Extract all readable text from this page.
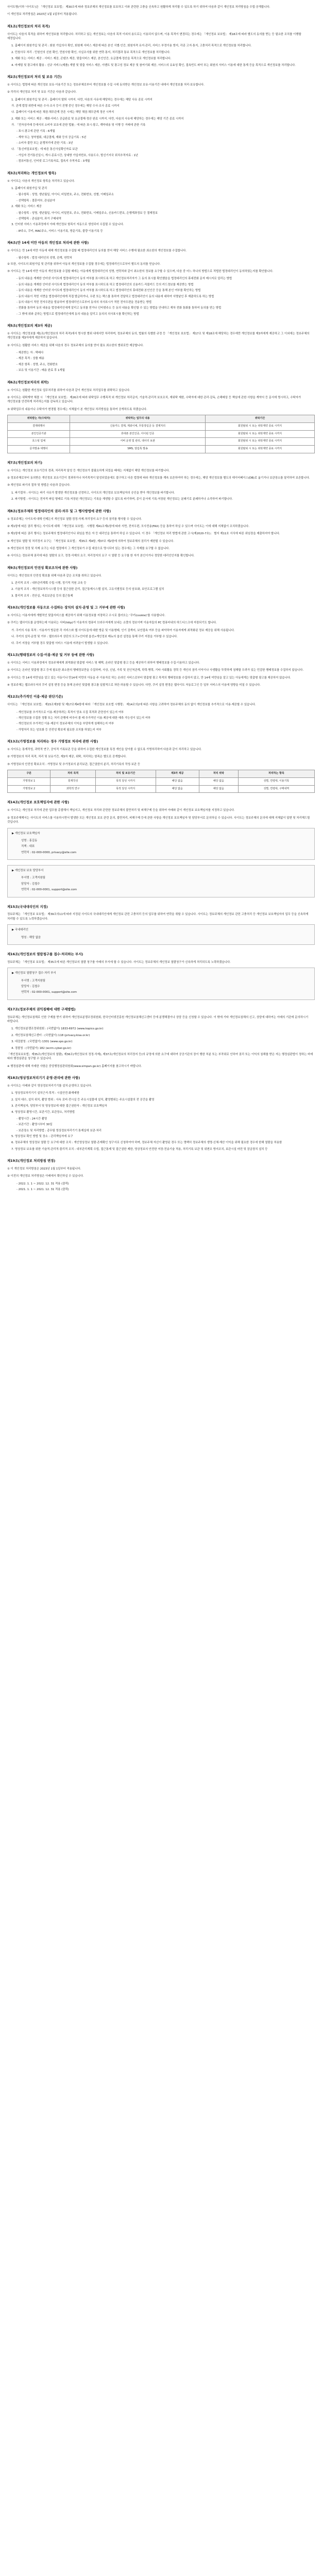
사이트명(이하 '사이트')은 「개인정보 보호법」 제30조에 따라 정보주체의 개인정보를 보호하고 이와 관련한 고충을 신속하고 원활하게 처리할 수 있도록 하기 위하여 다음과 같이 개인정보 처리방침을 수립·공개합니다.

이 개인정보 처리방침은 2023년 1월 1일부터 적용됩니다.

제1조(개인정보의 처리 목적)

사이트는 다음의 목적을 위하여 개인정보를 처리합니다. 처리하고 있는 개인정보는 다음의 목적 이외의 용도로는 이용되지 않으며, 이용 목적이 변경되는 경우에는 「개인정보 보호법」 제18조에 따라 별도의 동의를 받는 등 필요한 조치를 이행할 예정입니다.

1. 홈페이지 회원가입 및 관리 : 회원 가입의사 확인, 회원제 서비스 제공에 따른 본인 식별·인증, 회원자격 유지·관리, 서비스 부정이용 방지, 각종 고지·통지, 고충처리 목적으로 개인정보를 처리합니다.

2. 민원사무 처리 : 민원인의 신원 확인, 민원사항 확인, 사실조사를 위한 연락·통지, 처리결과 통보 목적으로 개인정보를 처리합니다.

3. 재화 또는 서비스 제공 : 서비스 제공, 콘텐츠 제공, 맞춤서비스 제공, 본인인증, 요금결제·정산을 목적으로 개인정보를 처리합니다.

4. 마케팅 및 광고에의 활용 : 신규 서비스(제품) 개발 및 맞춤 서비스 제공, 이벤트 및 광고성 정보 제공 및 참여기회 제공, 서비스의 유효성 확인, 접속빈도 파악 또는 회원의 서비스 이용에 대한 통계 등을 목적으로 개인정보를 처리합니다.

제2조(개인정보의 처리 및 보유 기간)

① 사이트는 법령에 따른 개인정보 보유·이용기간 또는 정보주체로부터 개인정보를 수집 시에 동의받은 개인정보 보유·이용기간 내에서 개인정보를 처리·보유합니다.

② 각각의 개인정보 처리 및 보유 기간은 다음과 같습니다.

1. 홈페이지 회원가입 및 관리 : 홈페이지 탈퇴 시까지. 다만, 다음의 사유에 해당하는 경우에는 해당 사유 종료 시까지

가. 관계 법령 위반에 따른 수사·조사 등이 진행 중인 경우에는 해당 수사·조사 종료 시까지

나. 홈페이지 이용에 따른 채권·채무관계 잔존 시에는 해당 채권·채무관계 정산 시까지

2. 재화 또는 서비스 제공 : 재화·서비스 공급완료 및 요금결제·정산 완료 시까지. 다만, 다음의 사유에 해당하는 경우에는 해당 기간 종료 시까지

가. 「전자상거래 등에서의 소비자 보호에 관한 법률」에 따른 표시·광고, 계약내용 및 이행 등 거래에 관한 기록

- 표시·광고에 관한 기록 : 6개월

- 계약 또는 청약철회, 대금결제, 재화 등의 공급기록 : 5년

- 소비자 불만 또는 분쟁처리에 관한 기록 : 3년

나. 「통신비밀보호법」에 따른 통신사실확인자료 보관

- 가입자 전기통신일시, 개시·종료시간, 상대방 가입자번호, 사용도수, 발신기지국 위치추적자료 : 1년

- 컴퓨터통신, 인터넷 로그기록자료, 접속지 추적자료 : 3개월

제3조(처리하는 개인정보의 항목)

① 사이트는 다음의 개인정보 항목을 처리하고 있습니다.

1. 홈페이지 회원가입 및 관리

- 필수항목 : 성명, 생년월일, 아이디, 비밀번호, 주소, 전화번호, 성별, 이메일주소

- 선택항목 : 결혼여부, 관심분야

2. 재화 또는 서비스 제공

- 필수항목 : 성명, 생년월일, 아이디, 비밀번호, 주소, 전화번호, 이메일주소, 신용카드번호, 은행계좌정보 등 결제정보

- 선택항목 : 관심분야, 과거 구매내역

3. 인터넷 서비스 이용과정에서 아래 개인정보 항목이 자동으로 생성되어 수집될 수 있습니다.

- IP주소, 쿠키, MAC주소, 서비스 이용기록, 방문기록, 불량 이용기록 등

제4조(만 14세 미만 아동의 개인정보 처리에 관한 사항)

① 사이트는 만 14세 미만 아동에 대해 개인정보를 수집할 때 법정대리인의 동의를 얻어 해당 서비스 수행에 필요한 최소한의 개인정보를 수집합니다.

- 필수항목 : 법정 대리인의 성명, 관계, 연락처

② 또한, 사이트의 회원가입 및 관리를 위하여 아동의 개인정보를 수집할 경우에는 법정대리인으로부터 별도의 동의를 얻습니다.

③ 사이트는 만 14세 미만 아동의 개인정보를 수집할 때에는 아동에게 법정대리인의 성명, 연락처와 같이 최소한의 정보를 요구할 수 있으며, 다음 중 어느 하나의 방법으로 적법한 법정대리인이 동의하였는지를 확인합니다.

- 동의 내용을 게재한 인터넷 사이트에 법정대리인이 동의 여부를 표시하도록 하고 개인정보처리자가 그 동의 표시를 확인했음을 법정대리인의 휴대전화 문자 메시지로 알리는 방법

- 동의 내용을 게재한 인터넷 사이트에 법정대리인이 동의 여부를 표시하도록 하고 법정대리인의 신용카드·직불카드 등의 카드정보를 제공받는 방법

- 동의 내용을 게재한 인터넷 사이트에 법정대리인이 동의 여부를 표시하도록 하고 법정대리인의 휴대전화 본인인증 등을 통해 본인 여부를 확인하는 방법

- 동의 내용이 적힌 서면을 법정대리인에게 직접 발급하거나, 우편 또는 팩스를 통하여 전달하고 법정대리인이 동의 내용에 대하여 서명날인 후 제출하도록 하는 방법

- 동의 내용이 적힌 전자우편을 발송하여 법정대리인으로부터 동의의 의사표시가 적힌 전자우편을 전송받는 방법

- 전화를 통하여 동의 내용을 법정대리인에게 알리고 동의를 얻거나 인터넷주소 등 동의 내용을 확인할 수 있는 방법을 안내하고 재차 전화 통화를 통하여 동의를 얻는 방법

- 그 밖에 위와 준하는 방법으로 법정대리인에게 동의 내용을 알리고 동의의 의사표시를 확인하는 방법

제5조(개인정보의 제3자 제공)

① 사이트는 개인정보를 제1조(개인정보의 처리 목적)에서 명시한 범위 내에서만 처리하며, 정보주체의 동의, 법률의 특별한 규정 등 「개인정보 보호법」 제17조 및 제18조에 해당하는 경우에만 개인정보를 제3자에게 제공하고 그 이외에는 정보주체의 개인정보를 제3자에게 제공하지 않습니다.

② 사이트는 원활한 서비스 제공을 위해 다음의 경우 정보주체의 동의를 얻어 필요 최소한의 범위로만 제공합니다.

- 제공받는 자 : 택배사

- 제공 목적 : 상품 배송

- 제공 항목 : 성명, 주소, 전화번호

- 보유 및 이용기간 : 배송 완료 후 1개월

제6조(개인정보처리의 위탁)

① 사이트는 원활한 개인정보 업무처리를 위하여 다음과 같이 개인정보 처리업무를 위탁하고 있습니다.

② 사이트는 위탁계약 체결 시 「개인정보 보호법」 제26조에 따라 위탁업무 수행목적 외 개인정보 처리금지, 기술적·관리적 보호조치, 재위탁 제한, 수탁자에 대한 관리·감독, 손해배상 등 책임에 관한 사항을 계약서 등 문서에 명시하고, 수탁자가 개인정보를 안전하게 처리하는지를 감독하고 있습니다.

③ 위탁업무의 내용이나 수탁자가 변경될 경우에는 지체없이 본 개인정보 처리방침을 통하여 공개하도록 하겠습니다.

위탁받는 자(수탁자)	위탁하는 업무의 내용	위탁기간
결제대행사	신용카드 결제, 계좌이체, 무통장입금 등 결제처리	회원탈퇴 시 또는 위탁계약 종료 시까지
본인인증기관	휴대폰 본인인증, 아이핀 인증	회원탈퇴 시 또는 위탁계약 종료 시까지
호스팅 업체	서버 운영 및 관리, 데이터 보관	회원탈퇴 시 또는 위탁계약 종료 시까지
문자발송 대행사	SMS, 알림톡 발송	회원탈퇴 시 또는 위탁계약 종료 시까지
제7조(개인정보의 파기)

① 사이트는 개인정보 보유기간의 경과, 처리목적 달성 등 개인정보가 불필요하게 되었을 때에는 지체없이 해당 개인정보를 파기합니다.

② 정보주체로부터 동의받은 개인정보 보유기간이 경과하거나 처리목적이 달성되었음에도 불구하고 다른 법령에 따라 개인정보를 계속 보존하여야 하는 경우에는, 해당 개인정보를 별도의 데이터베이스(DB)로 옮기거나 보관장소를 달리하여 보존합니다.

③ 개인정보 파기의 절차 및 방법은 다음과 같습니다.

1. 파기절차 : 사이트는 파기 사유가 발생한 개인정보를 선정하고, 사이트의 개인정보 보호책임자의 승인을 받아 개인정보를 파기합니다.

2. 파기방법 : 사이트는 전자적 파일 형태로 기록·저장된 개인정보는 기록을 재생할 수 없도록 파기하며, 종이 문서에 기록·저장된 개인정보는 분쇄기로 분쇄하거나 소각하여 파기합니다.

제8조(정보주체와 법정대리인의 권리·의무 및 그 행사방법에 관한 사항)

① 정보주체는 사이트에 대해 언제든지 개인정보 열람·정정·삭제·처리정지 요구 등의 권리를 행사할 수 있습니다.

② 제1항에 따른 권리 행사는 사이트에 대해 「개인정보 보호법」 시행령 제41조제1항에 따라 서면, 전자우편, 모사전송(FAX) 등을 통하여 하실 수 있으며 사이트는 이에 대해 지체없이 조치하겠습니다.

③ 제1항에 따른 권리 행사는 정보주체의 법정대리인이나 위임을 받은 자 등 대리인을 통하여 하실 수 있습니다. 이 경우 「개인정보 처리 방법에 관한 고시(제2020-7호)」 별지 제11호 서식에 따른 위임장을 제출하셔야 합니다.

④ 개인정보 열람 및 처리정지 요구는 「개인정보 보호법」 제35조 제4항, 제37조 제2항에 의하여 정보주체의 권리가 제한될 수 있습니다.

⑤ 개인정보의 정정 및 삭제 요구는 다른 법령에서 그 개인정보가 수집 대상으로 명시되어 있는 경우에는 그 삭제를 요구할 수 없습니다.

⑥ 사이트는 정보주체 권리에 따른 열람의 요구, 정정·삭제의 요구, 처리정지의 요구 시 열람 등 요구를 한 자가 본인이거나 정당한 대리인인지를 확인합니다.

제9조(개인정보의 안전성 확보조치에 관한 사항)

사이트는 개인정보의 안전성 확보를 위해 다음과 같은 조치를 취하고 있습니다.

1. 관리적 조치 : 내부관리계획 수립·시행, 정기적 직원 교육 등

2. 기술적 조치 : 개인정보처리시스템 등의 접근권한 관리, 접근통제시스템 설치, 고유식별정보 등의 암호화, 보안프로그램 설치

3. 물리적 조치 : 전산실, 자료보관실 등의 접근통제

제10조(개인정보를 자동으로 수집하는 장치의 설치·운영 및 그 거부에 관한 사항)

① 사이트는 이용자에게 개별적인 맞춤서비스를 제공하기 위해 이용정보를 저장하고 수시로 불러오는 '쿠키(cookie)'를 사용합니다.

② 쿠키는 웹사이트를 운영하는데 이용되는 서버(http)가 이용자의 컴퓨터 브라우저에게 보내는 소량의 정보이며 이용자들의 PC 컴퓨터내의 하드디스크에 저장되기도 합니다.

가. 쿠키의 사용 목적 : 이용자가 방문한 각 서비스와 웹 사이트들에 대한 방문 및 이용형태, 인기 검색어, 보안접속 여부 등을 파악하여 이용자에게 최적화된 정보 제공을 위해 사용됩니다.

나. 쿠키의 설치·운영 및 거부 : 웹브라우저 상단의 도구>인터넷 옵션>개인정보 메뉴의 옵션 설정을 통해 쿠키 저장을 거부할 수 있습니다.

다. 쿠키 저장을 거부할 경우 맞춤형 서비스 이용에 어려움이 발생할 수 있습니다.

제11조(행태정보의 수집·이용·제공 및 거부 등에 관한 사항)

① 사이트는 서비스 이용과정에서 정보주체에게 최적화된 맞춤형 서비스 및 혜택, 온라인 맞춤형 광고 등을 제공하기 위하여 행태정보를 수집·이용하고 있습니다.

② 사이트는 온라인 맞춤형 광고 등에 필요한 최소한의 행태정보만을 수집하며, 사상, 신념, 가족 및 친인척관계, 학력·병력, 기타 사회활동 경력 등 개인의 권리·이익이나 사생활을 뚜렷하게 침해할 우려가 있는 민감한 행태정보를 수집하지 않습니다.

③ 사이트는 만 14세 미만임을 알고 있는 아동이나 만14세 미만의 아동을 주 이용자로 하는 온라인 서비스로부터 맞춤형 광고 목적의 행태정보를 수집하지 않고, 만 14세 미만임을 알고 있는 아동에게는 맞춤형 광고를 제공하지 않습니다.

④ 정보주체는 웹브라우저의 쿠키 설정 변경 등을 통해 온라인 맞춤형 광고를 일괄적으로 차단·허용할 수 있습니다. 다만, 쿠키 설정 변경은 웹사이트 자동로그인 등 일부 서비스의 이용에 영향을 미칠 수 있습니다.

제12조(추가적인 이용·제공 판단기준)

사이트는 「개인정보 보호법」 제15조제3항 및 제17조제4항에 따라 「개인정보 보호법 시행령」 제14조의2에 따른 사항을 고려하여 정보주체의 동의 없이 개인정보를 추가적으로 이용·제공할 수 있습니다.

- 개인정보를 추가적으로 이용·제공하려는 목적이 당초 수집 목적과 관련성이 있는지 여부

- 개인정보를 수집한 정황 또는 처리 관행에 비추어 볼 때 추가적인 이용·제공에 대한 예측 가능성이 있는지 여부

- 개인정보의 추가적인 이용·제공이 정보주체의 이익을 부당하게 침해하는지 여부

- 가명처리 또는 암호화 등 안전성 확보에 필요한 조치를 하였는지 여부

제13조(가명정보를 처리하는 경우 가명정보 처리에 관한 사항)

① 사이트는 통계작성, 과학적 연구, 공익적 기록보존 등을 위하여 수집한 개인정보를 특정 개인을 알아볼 수 없도록 가명처리하여 다음과 같이 처리하고 있습니다.

② 가명정보의 처리 목적, 처리 및 보유기간, 제3자 제공, 위탁, 처리하는 항목은 별도로 공개합니다.

③ 가명정보의 안전성 확보조치 : 가명정보 및 추가정보의 분리보관, 접근권한의 분리, 처리기록의 작성·보관 등

구분	처리 목적	처리 및 보유기간	제3자 제공	처리 위탁	처리하는 항목
가명정보 1	통계작성	목적 달성 시까지	해당 없음	해당 없음	성별, 연령대, 이용기록
가명정보 2	과학적 연구	목적 달성 시까지	해당 없음	해당 없음	성별, 연령대, 구매내역
제14조(개인정보 보호책임자에 관한 사항)

① 사이트는 개인정보 처리에 관한 업무를 총괄해서 책임지고, 개인정보 처리와 관련한 정보주체의 불만처리 및 피해구제 등을 위하여 아래와 같이 개인정보 보호책임자를 지정하고 있습니다.

② 정보주체께서는 사이트의 서비스를 이용하시면서 발생한 모든 개인정보 보호 관련 문의, 불만처리, 피해구제 등에 관한 사항을 개인정보 보호책임자 및 담당부서로 문의하실 수 있습니다. 사이트는 정보주체의 문의에 대해 지체없이 답변 및 처리해드릴 것입니다.

▶ 개인정보 보호책임자
성명 : 홍길동
직책 : 대표
연락처 : 02-000-0000, privacy@site.com
▶ 개인정보 보호 담당부서
부서명 : 고객지원팀
담당자 : 김철수
연락처 : 02-000-0001, support@site.com
제15조(국내대리인의 지정)

정보주체는 「개인정보 보호법」 제39조의11에 따라 지정된 사이트의 국내대리인에게 개인정보 관련 고충처리 등의 업무를 위하여 연락을 취할 수 있습니다. 사이트는 정보주체의 개인정보 관련 고충처리 등 개인정보 보호책임자의 업무 등을 신속하게 처리할 수 있도록 노력하겠습니다.

▶ 국내대리인
명칭 : 해당 없음
제16조(개인정보의 열람청구를 접수·처리하는 부서)

정보주체는 「개인정보 보호법」 제35조에 따른 개인정보의 열람 청구를 아래의 부서에 할 수 있습니다. 사이트는 정보주체의 개인정보 열람청구가 신속하게 처리되도록 노력하겠습니다.

▶ 개인정보 열람청구 접수·처리 부서
부서명 : 고객지원팀
담당자 : 김철수
연락처 : 02-000-0001, support@site.com
제17조(정보주체의 권익침해에 대한 구제방법)

정보주체는 개인정보침해로 인한 구제를 받기 위하여 개인정보분쟁조정위원회, 한국인터넷진흥원 개인정보침해신고센터 등에 분쟁해결이나 상담 등을 신청할 수 있습니다. 이 밖에 기타 개인정보침해의 신고, 상담에 대하여는 아래의 기관에 문의하시기 바랍니다.

1. 개인정보분쟁조정위원회 : (국번없이) 1833-6972 (www.kopico.go.kr)

2. 개인정보침해신고센터 : (국번없이) 118 (privacy.kisa.or.kr)

3. 대검찰청 : (국번없이) 1301 (www.spo.go.kr)

4. 경찰청 : (국번없이) 182 (ecrm.cyber.go.kr)

「개인정보보호법」제35조(개인정보의 열람), 제36조(개인정보의 정정·삭제), 제37조(개인정보의 처리정지 등)의 규정에 의한 요구에 대하여 공공기관의 장이 행한 처분 또는 부작위로 인하여 권리 또는 이익의 침해를 받은 자는 행정심판법이 정하는 바에 따라 행정심판을 청구할 수 있습니다.

※ 행정심판에 대해 자세한 사항은 중앙행정심판위원회(www.simpan.go.kr) 홈페이지를 참고하시기 바랍니다.

제18조(영상정보처리기기 운영·관리에 관한 사항)

① 사이트는 아래와 같이 영상정보처리기기를 설치·운영하고 있습니다.

1. 영상정보처리기기 설치근거·목적 : 시설안전·화재예방

2. 설치 대수, 설치 위치, 촬영 범위 : 사옥 로비·전시실 등 주요시설물에 설치, 촬영범위는 주요시설물의 전 공간을 촬영

3. 관리책임자, 담당부서 및 영상정보에 대한 접근권한자 : 개인정보 보호책임자

4. 영상정보 촬영시간, 보관기간, 보관장소, 처리방법

- 촬영시간 : 24시간 촬영

- 보관기간 : 촬영시부터 30일

- 보관장소 및 처리방법 : 총무팀 영상정보처리기기 통제실에 보관·처리

5. 영상정보 확인 방법 및 장소 : 관리책임자에 요구

6. 정보주체의 영상정보 열람 등 요구에 대한 조치 : 개인영상정보 열람·존재확인 청구서로 신청하여야 하며, 정보주체 자신이 촬영된 경우 또는 명백히 정보주체의 생명·신체·재산 이익을 위해 필요한 경우에 한해 열람을 허용함

7. 영상정보 보호를 위한 기술적·관리적·물리적 조치 : 내부관리계획 수립, 접근통제 및 접근권한 제한, 영상정보의 안전한 저장·전송기술 적용, 처리기록 보관 및 위변조 방지조치, 보관시설 마련 및 잠금장치 설치 등

제19조(개인정보 처리방침 변경)

① 이 개인정보 처리방침은 2023년 1월 1일부터 적용됩니다.

② 이전의 개인정보 처리방침은 아래에서 확인하실 수 있습니다.

- 2022. 1. 1 ~ 2022. 12. 31 적용 (클릭)

- 2021. 1. 1 ~ 2021. 12. 31 적용 (클릭)
